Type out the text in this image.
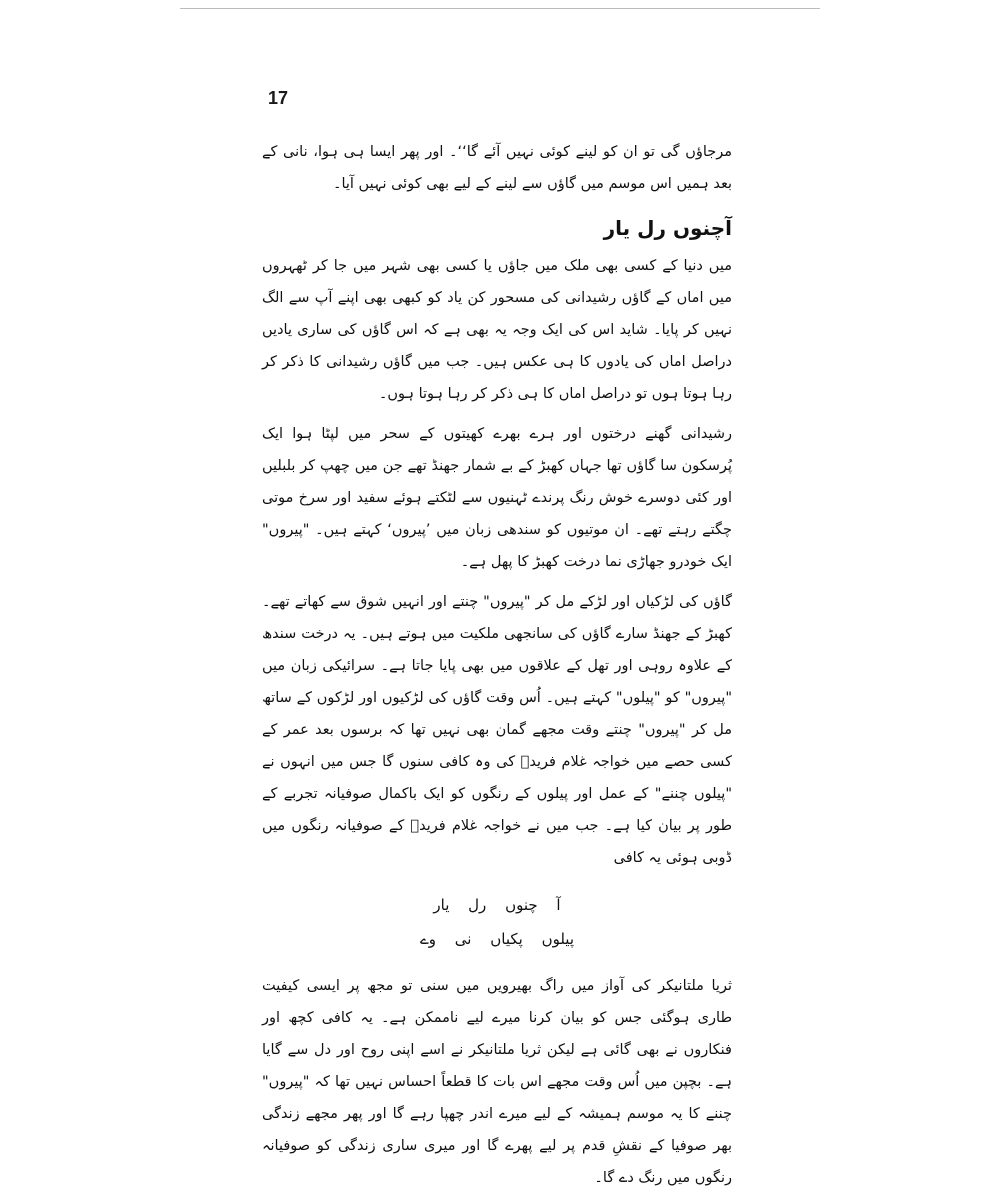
17

مرجاؤں گی تو ان کو لینے کوئی نہیں آئے گا‘‘۔ اور پھر ایسا ہی ہوا، نانی کے بعد ہمیں اس موسم میں گاؤں سے لینے کے لیے بھی کوئی نہیں آیا۔

آچنوں رل یار

میں دنیا کے کسی بھی ملک میں جاؤں یا کسی بھی شہر میں جا کر ٹھہروں میں اماں کے گاؤں رشیدانی کی مسحور کن یاد کو کبھی بھی اپنے آپ سے الگ نہیں کر پایا۔ شاید اس کی ایک وجہ یہ بھی ہے کہ اس گاؤں کی ساری یادیں دراصل اماں کی یادوں کا ہی عکس ہیں۔ جب میں گاؤں رشیدانی کا ذکر کر رہا ہوتا ہوں تو دراصل اماں کا ہی ذکر کر رہا ہوتا ہوں۔

رشیدانی گھنے درختوں اور ہرے بھرے کھیتوں کے سحر میں لپٹا ہوا ایک پُرسکون سا گاؤں تھا جہاں کھبڑ کے بے شمار جھنڈ تھے جن میں چھپ کر بلبلیں اور کئی دوسرے خوش رنگ پرندے ٹہنیوں سے لٹکتے ہوئے سفید اور سرخ موتی چگتے رہتے تھے۔ ان موتیوں کو سندھی زبان میں ’پیروں‘ کہتے ہیں۔ "پیروں" ایک خودرو جھاڑی نما درخت کھبڑ کا پھل ہے۔

گاؤں کی لڑکیاں اور لڑکے مل کر "پیروں" چنتے اور انہیں شوق سے کھاتے تھے۔ کھبڑ کے جھنڈ سارے گاؤں کی سانجھی ملکیت میں ہوتے ہیں۔ یہ درخت سندھ کے علاوہ روہی اور تھل کے علاقوں میں بھی پایا جاتا ہے۔ سرائیکی زبان میں "پیروں" کو "پیلوں" کہتے ہیں۔ اُس وقت گاؤں کی لڑکیوں اور لڑکوں کے ساتھ مل کر "پیروں" چنتے وقت مجھے گمان بھی نہیں تھا کہ برسوں بعد عمر کے کسی حصے میں خواجہ غلام فریدؒ کی وہ کافی سنوں گا جس میں انہوں نے "پیلوں چننے" کے عمل اور پیلوں کے رنگوں کو ایک باکمال صوفیانہ تجربے کے طور پر بیان کیا ہے۔ جب میں نے خواجہ غلام فریدؒ کے صوفیانہ رنگوں میں ڈوبی ہوئی یہ کافی

آ چنوں رل یار
پیلوں پکیاں نی وے

ثریا ملتانیکر کی آواز میں راگ بھیرویں میں سنی تو مجھ پر ایسی کیفیت طاری ہوگئی جس کو بیان کرنا میرے لیے ناممکن ہے۔ یہ کافی کچھ اور فنکاروں نے بھی گائی ہے لیکن ثریا ملتانیکر نے اسے اپنی روح اور دل سے گایا ہے۔ بچپن میں اُس وقت مجھے اس بات کا قطعاً احساس نہیں تھا کہ "پیروں" چننے کا یہ موسم ہمیشہ کے لیے میرے اندر چھپا رہے گا اور پھر مجھے زندگی بھر صوفیا کے نقشِ قدم پر لیے پھرے گا اور میری ساری زندگی کو صوفیانہ رنگوں میں رنگ دے گا۔
